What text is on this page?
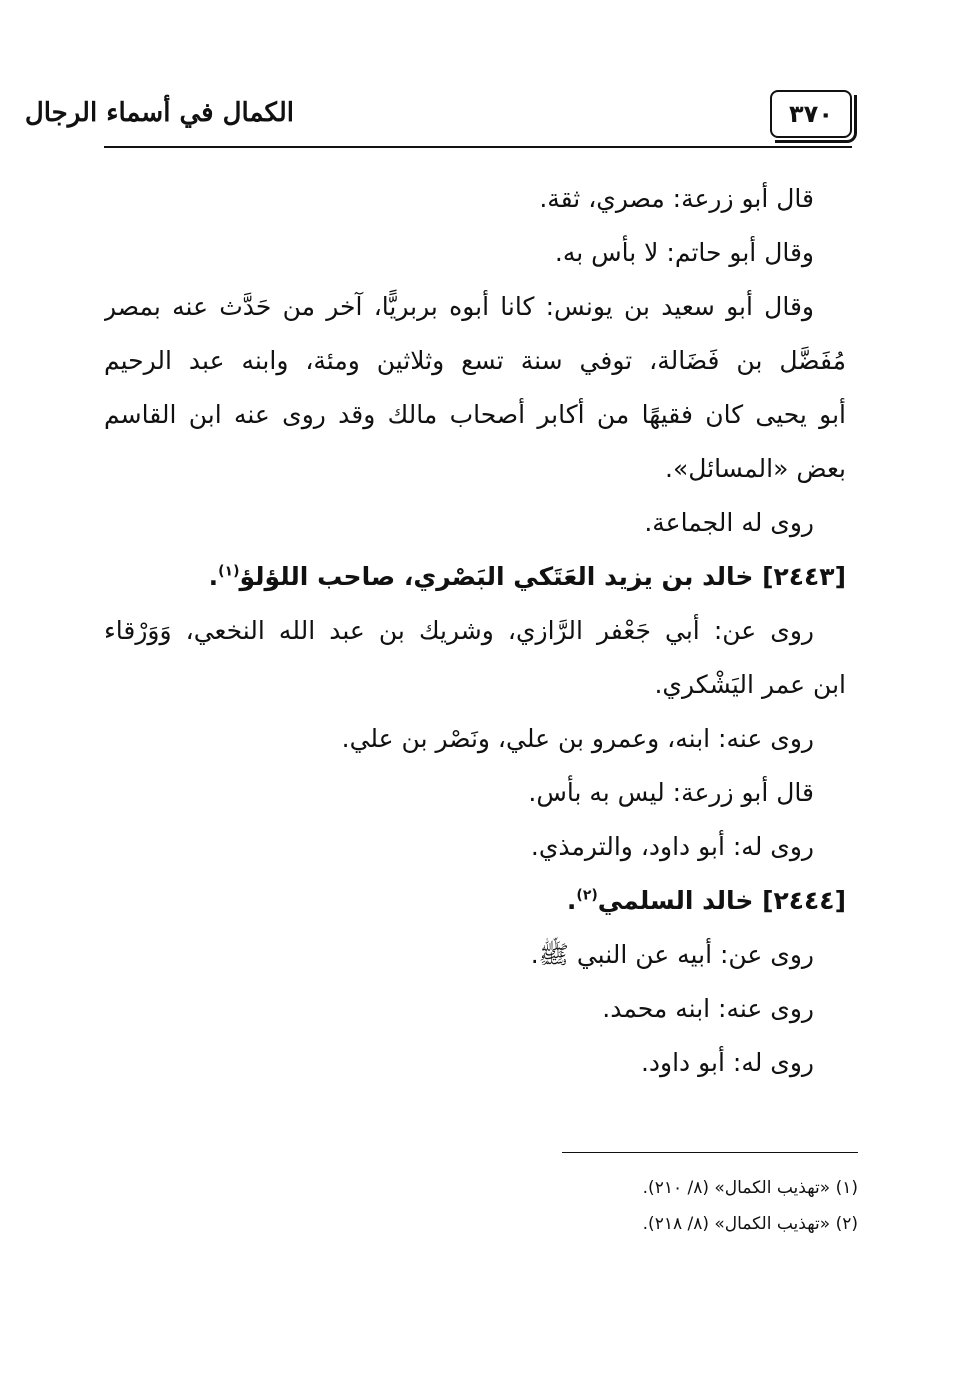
الكمال في أسماء الرجال	٣٧٠
قال أبو زرعة: مصري، ثقة.
وقال أبو حاتم: لا بأس به.
وقال أبو سعيد بن يونس: كانا أبوه بربريًّا، آخر من حَدَّث عنه بمصر
مُفَضَّل بن فَضَالة، توفي سنة تسع وثلاثين ومئة، وابنه عبد الرحيم
أبو يحيى كان فقيهًا من أكابر أصحاب مالك وقد روى عنه ابن القاسم
بعض «المسائل».
روى له الجماعة.
[٢٤٤٣] خالد بن يزيد العَتَكي البَصْري، صاحب اللؤلؤ$^{(١)}$.
روى عن: أبي جَعْفر الرَّازي، وشريك بن عبد الله النخعي، وَوَرْقاء
ابن عمر اليَشْكري.
روى عنه: ابنه، وعمرو بن علي، ونَصْر بن علي.
قال أبو زرعة: ليس به بأس.
روى له: أبو داود، والترمذي.
[٢٤٤٤] خالد السلمي$^{(٢)}$.
روى عن: أبيه عن النبي ﷺ.
روى عنه: ابنه محمد.
روى له: أبو داود.
(١) «تهذيب الكمال» (٨/ ٢١٠).
(٢) «تهذيب الكمال» (٨/ ٢١٨).
